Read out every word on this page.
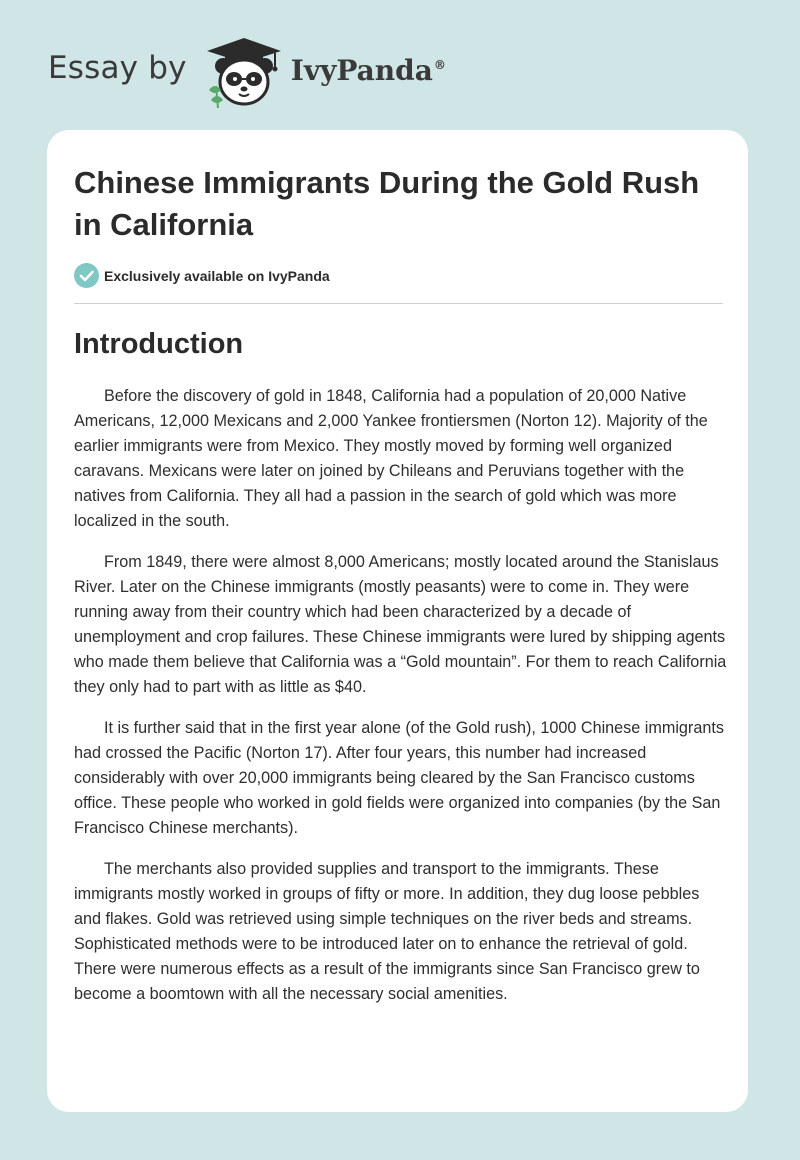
Essay by	IvyPanda®
Chinese Immigrants During the Gold Rush in California
Exclusively available on IvyPanda
Introduction

Before the discovery of gold in 1848, California had a population of 20,000 Native Americans, 12,000 Mexicans and 2,000 Yankee frontiersmen (Norton 12). Majority of the earlier immigrants were from Mexico. They mostly moved by forming well organized caravans. Mexicans were later on joined by Chileans and Peruvians together with the natives from California. They all had a passion in the search of gold which was more localized in the south.

From 1849, there were almost 8,000 Americans; mostly located around the Stanislaus River. Later on the Chinese immigrants (mostly peasants) were to come in. They were running away from their country which had been characterized by a decade of unemployment and crop failures. These Chinese immigrants were lured by shipping agents who made them believe that California was a “Gold mountain”. For them to reach California they only had to part with as little as $40.

It is further said that in the first year alone (of the Gold rush), 1000 Chinese immigrants had crossed the Pacific (Norton 17). After four years, this number had increased considerably with over 20,000 immigrants being cleared by the San Francisco customs office. These people who worked in gold fields were organized into companies (by the San Francisco Chinese merchants).

The merchants also provided supplies and transport to the immigrants. These immigrants mostly worked in groups of fifty or more. In addition, they dug loose pebbles and flakes. Gold was retrieved using simple techniques on the river beds and streams. Sophisticated methods were to be introduced later on to enhance the retrieval of gold. There were numerous effects as a result of the immigrants since San Francisco grew to become a boomtown with all the necessary social amenities.
